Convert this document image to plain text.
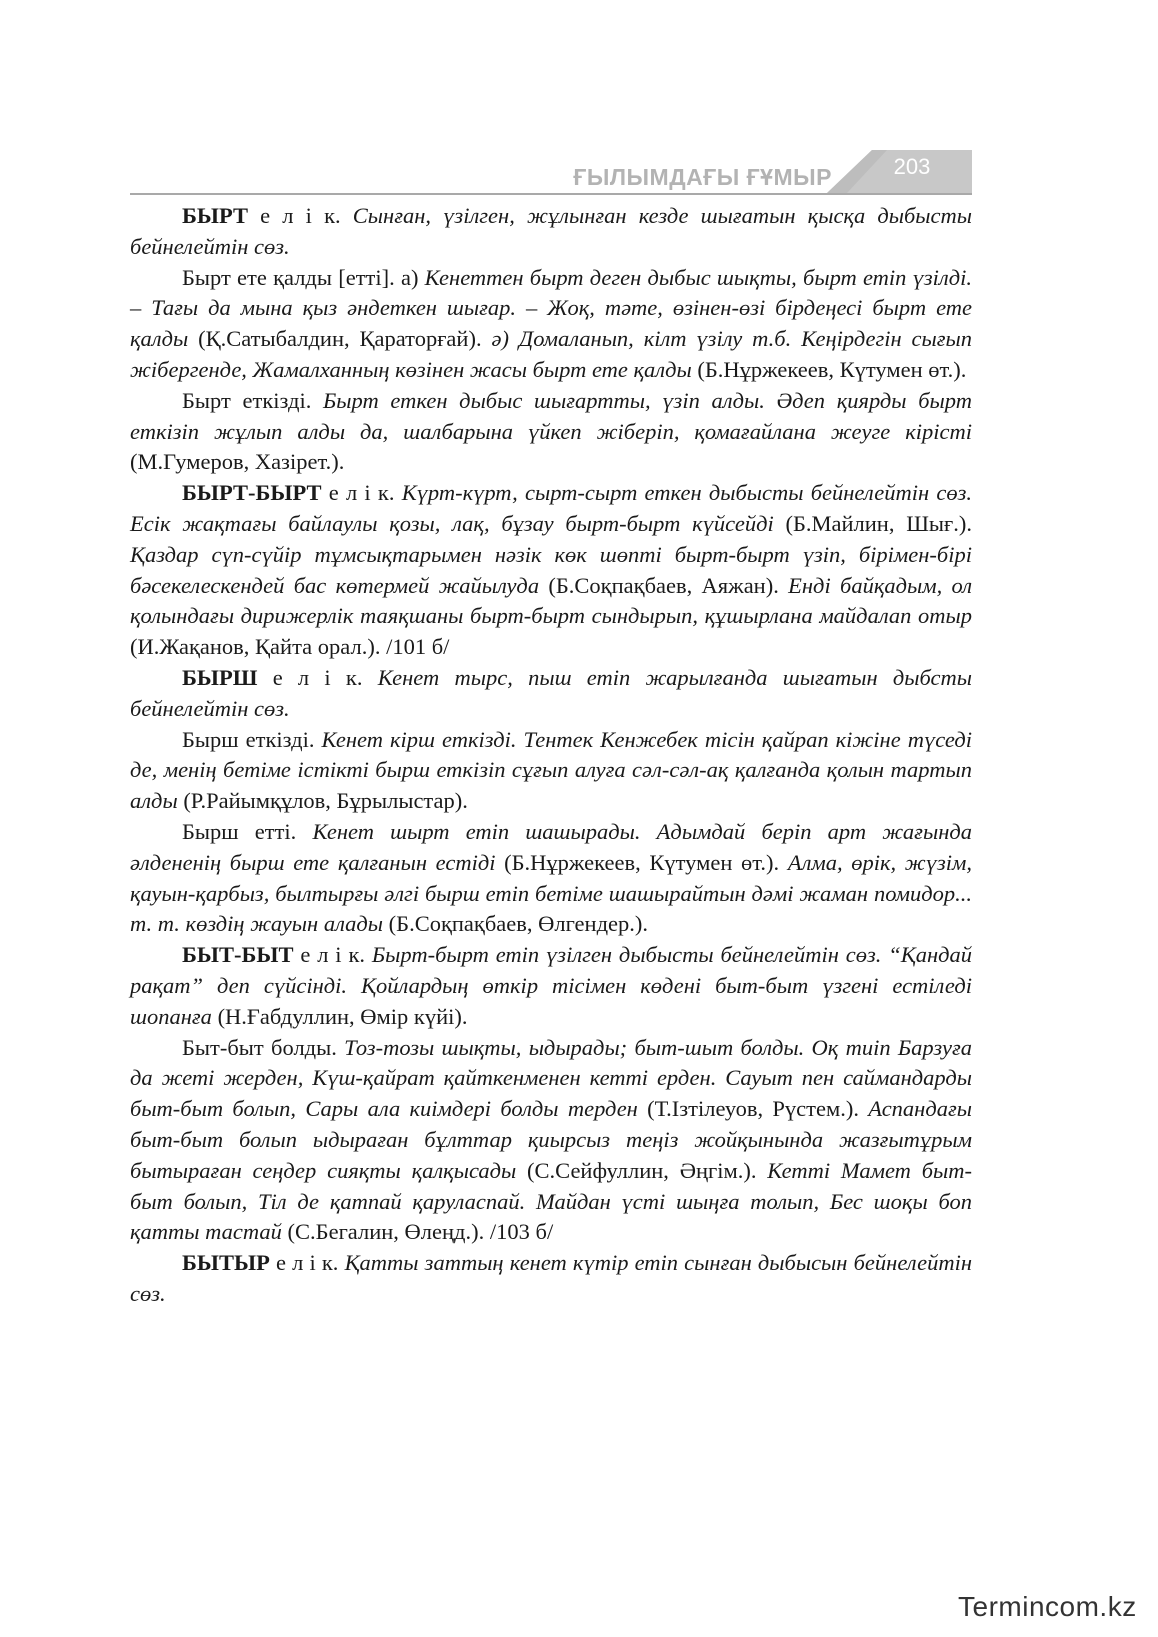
ҒЫЛЫМДАҒЫ ҒҰМЫР	203

БЫРТ е л і к. Сынған, үзілген, жұлынған кезде шығатын қысқа дыбысты бейнелейтін сөз.

Бырт ете қалды [етті]. а) Кенеттен бырт деген дыбыс шықты, бырт етіп үзілді. – Тағы да мына қыз әндеткен шығар. – Жоқ, тәте, өзінен-өзі бірдеңесі бырт ете қалды (Қ.Сатыбалдин, Қараторғай). ә) Домаланып, кілт үзілу т.б. Кеңірдегін сығып жібергенде, Жамалханның көзінен жасы бырт ете қалды (Б.Нұржекеев, Күтумен өт.).

Бырт еткізді. Бырт еткен дыбыс шығартты, үзіп алды. Әдеп қиярды бырт еткізіп жұлып алды да, шалбарына үйкеп жіберіп, қомағайлана жеуге кірісті (М.Гумеров, Хазірет.).

БЫРТ-БЫРТ е л і к. Күрт-күрт, сырт-сырт еткен дыбысты бейнелейтін сөз. Есік жақтағы байлаулы қозы, лақ, бұзау бырт-бырт күйсейді (Б.Майлин, Шығ.). Қаздар сүп-сүйір тұмсықтарымен нәзік көк шөпті бырт-бырт үзіп, бірімен-бірі бәсекелескендей бас көтермей жайылуда (Б.Соқпақбаев, Аяжан). Енді байқадым, ол қолындағы дирижерлік таяқшаны бырт-бырт сындырып, құшырлана майдалап отыр (И.Жақанов, Қайта орал.). /101 б/

БЫРШ е л і к. Кенет тырс, пыш етіп жарылғанда шығатын дыбсты бейнелейтін сөз.

Бырш еткізді. Кенет кірш еткізді. Тентек Кенжебек тісін қайрап кіжіне түседі де, менің бетіме істікті бырш еткізіп сұғып алуға сәл-сәл-ақ қалғанда қолын тартып алды (Р.Райымқұлов, Бұрылыстар).

Бырш етті. Кенет шырт етіп шашырады. Адымдай беріп арт жағында әлдененің бырш ете қалғанын естіді (Б.Нұржекеев, Күтумен өт.). Алма, өрік, жүзім, қауын-қарбыз, былтырғы әлгі бырш етіп бетіме шашырайтын дәмі жаман помидор... т. т. көздің жауын алады (Б.Соқпақбаев, Өлгендер.).

БЫТ-БЫТ е л і к. Бырт-бырт етіп үзілген дыбысты бейнелейтін сөз. “Қандай рақат” деп сүйсінді. Қойлардың өткір тісімен көдені быт-быт үзгені естіледі шопанға (Н.Ғабдуллин, Өмір күйі).

Быт-быт болды. Тоз-тозы шықты, ыдырады; быт-шыт болды. Оқ тиіп Барзуға да жеті жерден, Күш-қайрат қайткенменен кетті ерден. Сауыт пен саймандарды быт-быт болып, Сары ала киімдері болды терден (Т.Ізтілеуов, Рүстем.). Аспандағы быт-быт болып ыдыраған бұлттар қиырсыз теңіз жойқынында жазғытұрым бытыраған сеңдер сияқты қалқысады (С.Сейфуллин, Әңгім.). Кетті Мамет быт-быт болып, Тіл де қатпай қаруласпай. Майдан үсті шыңға толып, Бес шоқы боп қатты тастай (С.Бегалин, Өлеңд.). /103 б/

БЫТЫР е л і к. Қатты заттың кенет күтір етіп сынған дыбысын бейнелейтін сөз.

Termincom.kz
